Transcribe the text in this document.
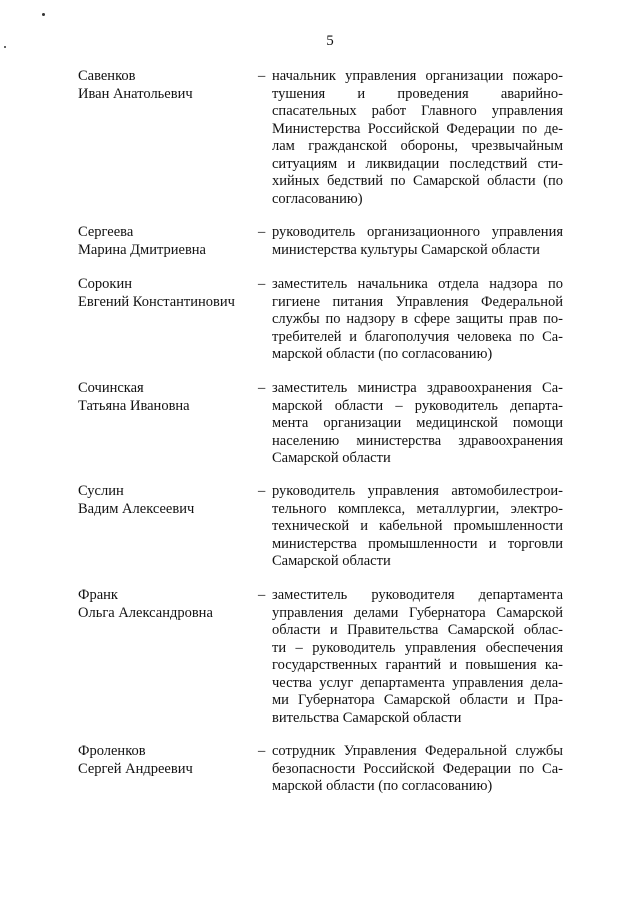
5
Савенков
Иван Анатольевич
– начальник управления организации пожаро-
тушения и проведения аварийно-
спасательных работ Главного управления
Министерства Российской Федерации по де-
лам гражданской обороны, чрезвычайным
ситуациям и ликвидации последствий сти-
хийных бедствий по Самарской области (по
согласованию)
Сергеева
Марина Дмитриевна
– руководитель организационного управления
министерства культуры Самарской области
Сорокин
Евгений Константинович
– заместитель начальника отдела надзора по
гигиене питания Управления Федеральной
службы по надзору в сфере защиты прав по-
требителей и благополучия человека по Са-
марской области (по согласованию)
Сочинская
Татьяна Ивановна
– заместитель министра здравоохранения Са-
марской области – руководитель департа-
мента организации медицинской помощи
населению министерства здравоохранения
Самарской области
Суслин
Вадим Алексеевич
– руководитель управления автомобилестрои-
тельного комплекса, металлургии, электро-
технической и кабельной промышленности
министерства промышленности и торговли
Самарской области
Франк
Ольга Александровна
– заместитель руководителя департамента
управления делами Губернатора Самарской
области и Правительства Самарской облас-
ти – руководитель управления обеспечения
государственных гарантий и повышения ка-
чества услуг департамента управления дела-
ми Губернатора Самарской области и Пра-
вительства Самарской области
Фроленков
Сергей Андреевич
– сотрудник Управления Федеральной службы
безопасности Российской Федерации по Са-
марской области (по согласованию)
